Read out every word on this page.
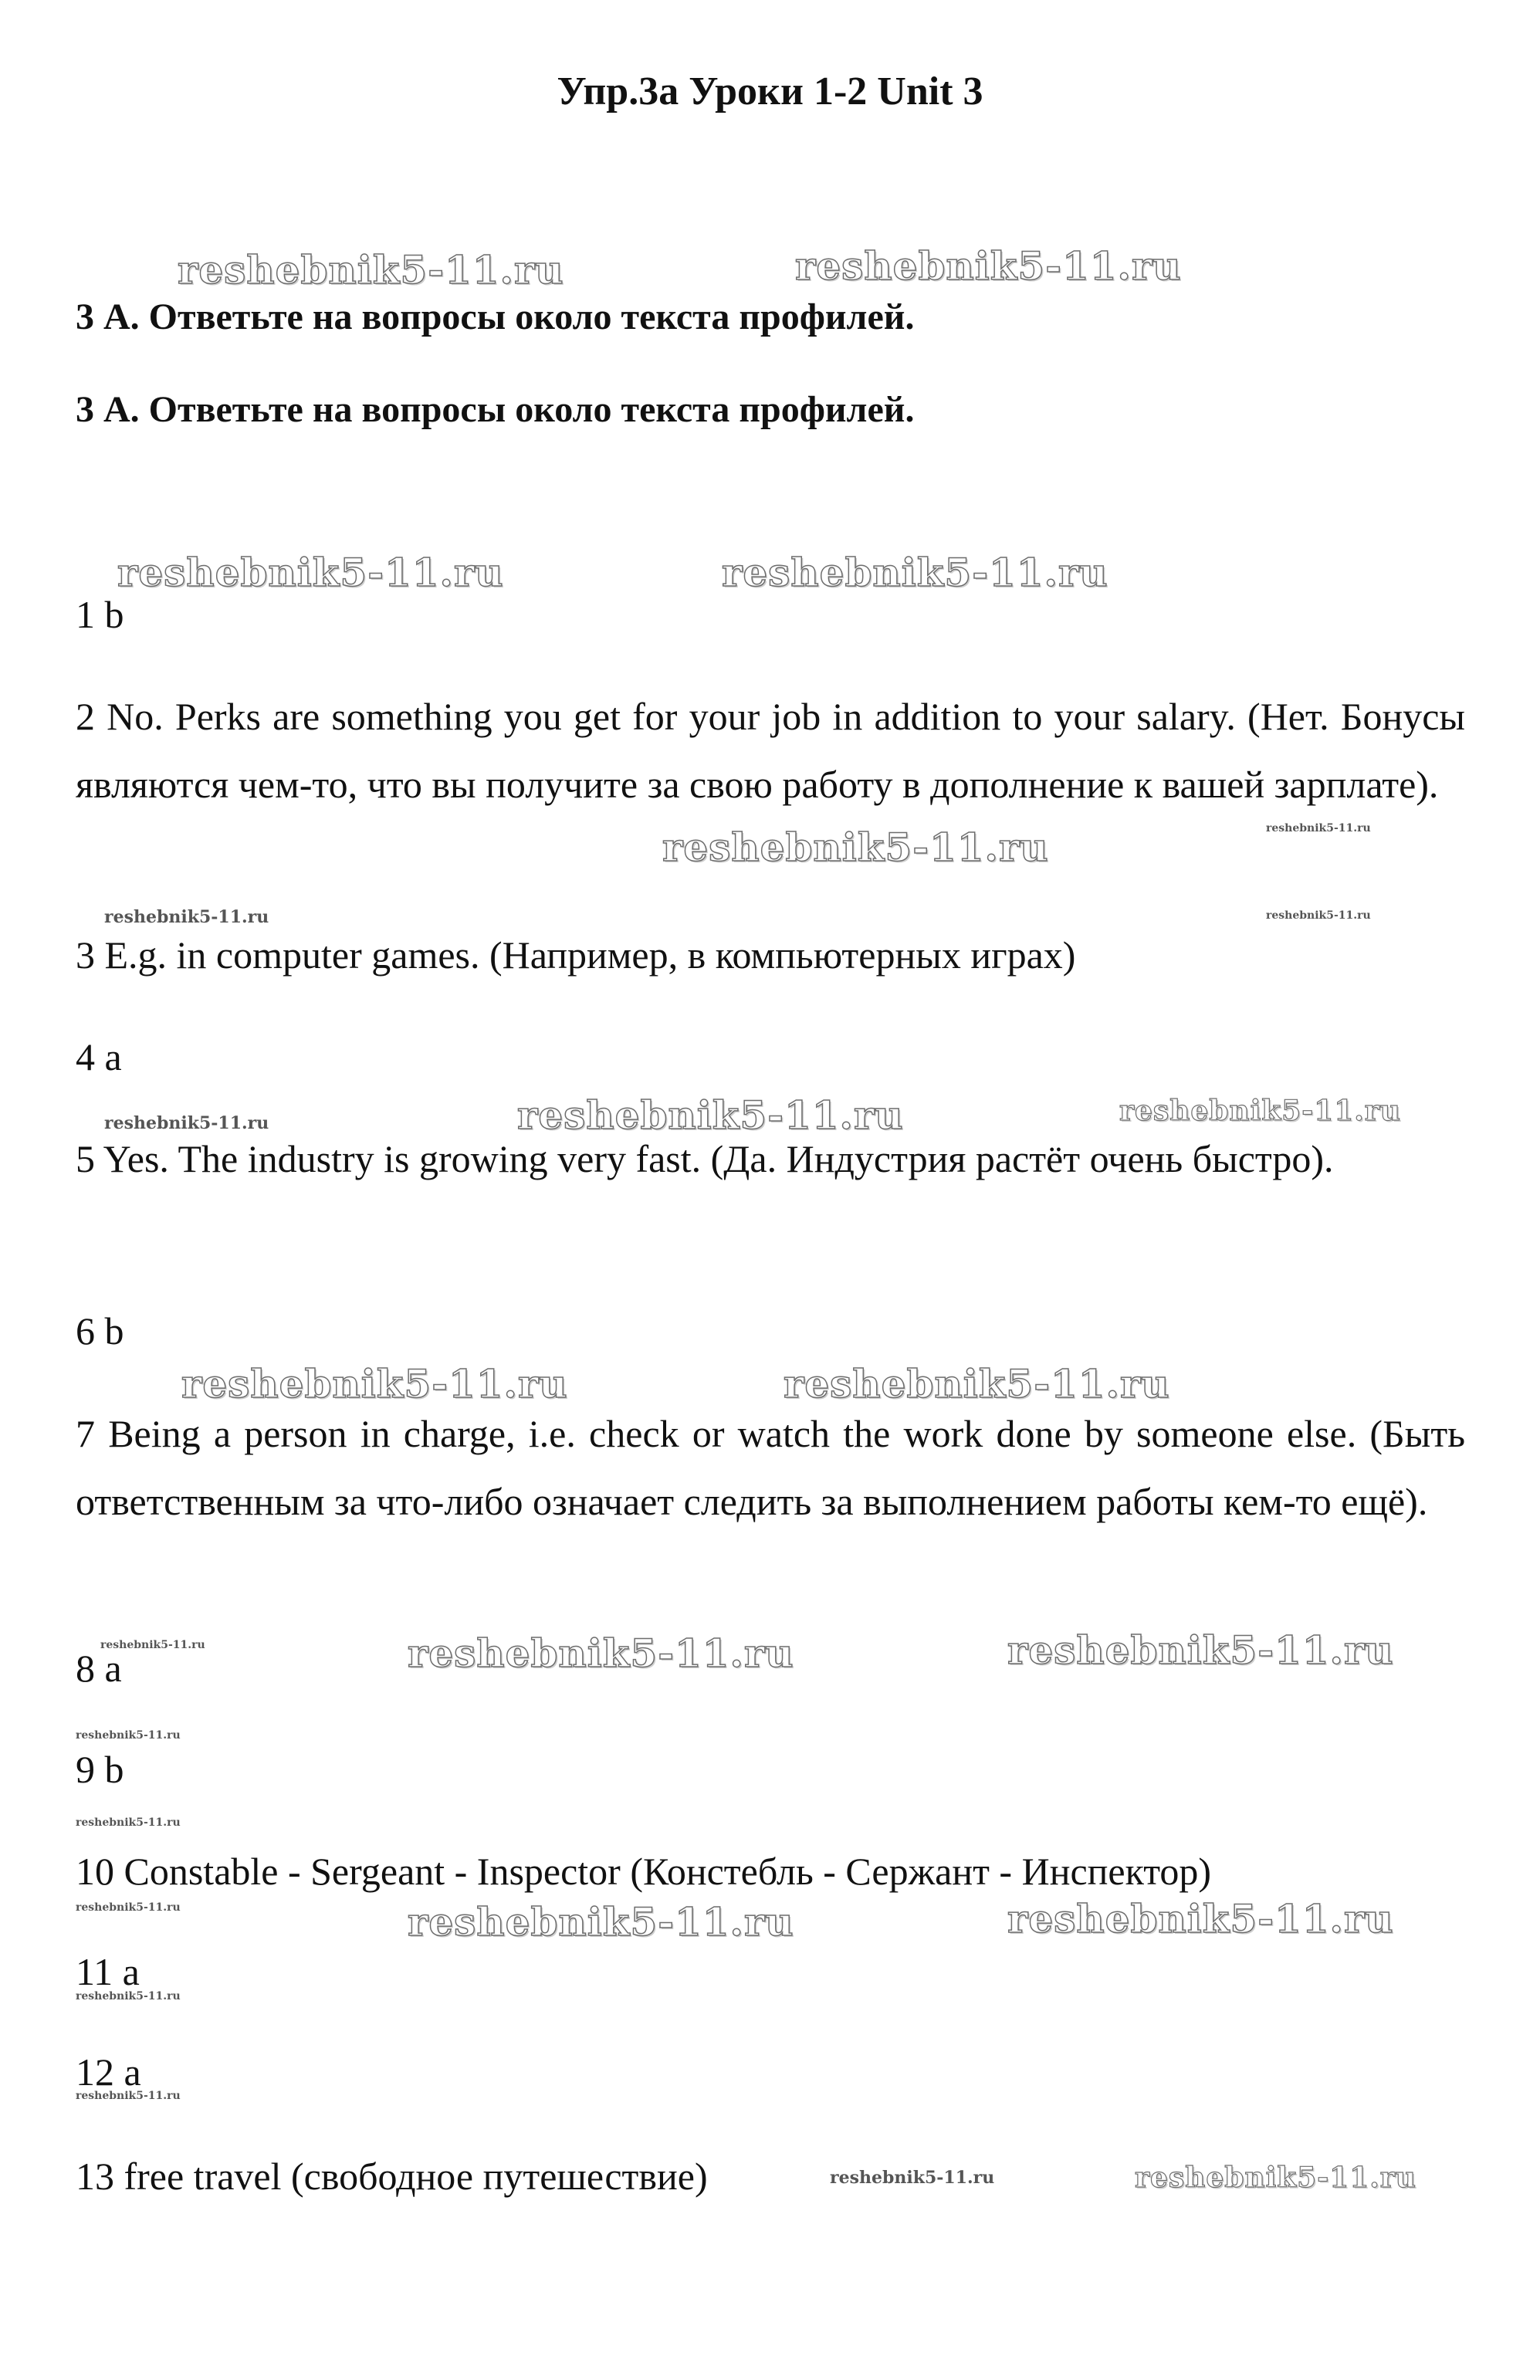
Упр.3а Уроки 1-2 Unit 3
3 А. Ответьте на вопросы около текста профилей.
3 А. Ответьте на вопросы около текста профилей.
1 b
2 No. Perks are something you get for your job in addition to your salary. (Нет. Бонусы являются чем-то, что вы получите за свою работу в дополнение к вашей зарплате).
3 E.g. in computer games. (Например, в компьютерных играх)
4 a
5 Yes. The industry is growing very fast. (Да. Индустрия растёт очень быстро).
6 b
7 Being a person in charge, i.e. check or watch the work done by someone else. (Быть ответственным за что-либо означает следить за выполнением работы кем-то ещё).
8 a
9 b
10 Constable - Sergeant - Inspector (Констебль - Сержант - Инспектор)
11 a
12 a
13 free travel (свободное путешествие)
reshebnik5-11.ru	reshebnik5-11.ru
reshebnik5-11.ru	reshebnik5-11.ru
reshebnik5-11.ru
reshebnik5-11.ru
reshebnik5-11.ru	reshebnik5-11.ru
reshebnik5-11.ru	reshebnik5-11.ru	reshebnik5-11.ru
reshebnik5-11.ru	reshebnik5-11.ru
reshebnik5-11.ru	reshebnik5-11.ru	reshebnik5-11.ru
reshebnik5-11.ru
reshebnik5-11.ru
reshebnik5-11.ru	reshebnik5-11.ru	reshebnik5-11.ru
reshebnik5-11.ru
reshebnik5-11.ru
reshebnik5-11.ru	reshebnik5-11.ru
